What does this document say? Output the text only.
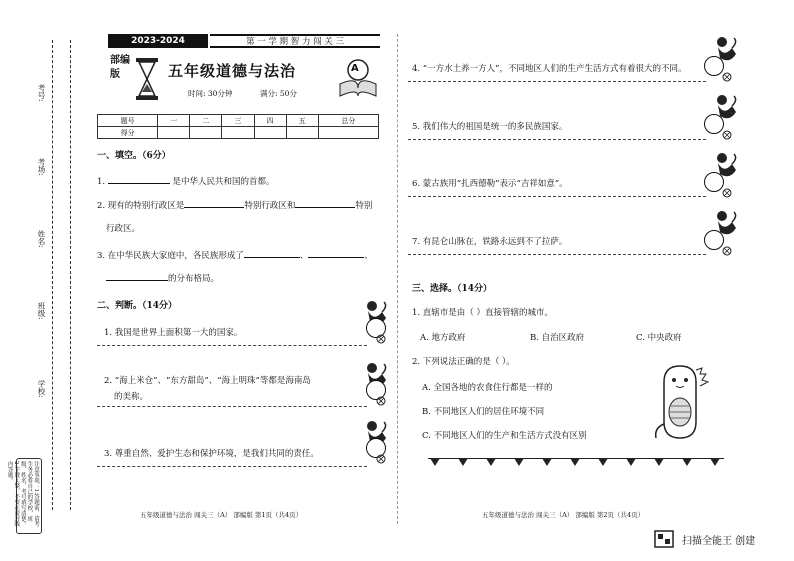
考号:
考场:
姓名:
班级:
学校:
注意事项：1.答题前，请考生务必将自己的学校、班级、姓名、考号填写清楚。2.字迹工整，不要在密封线内答题。
2023-2024	第 一 学 期 智 力 闯 关 三
部编版	五年级道德与法治	A
时间: 30分钟	满分: 50分
题号	一	二	三	四	五	总分
得分						
一、填空。（6分）
1.	是中华人民共和国的首都。
2. 现有的特别行政区是	特别行政区和	特别
行政区。
3. 在中华民族大家庭中，各民族形成了	、	、
的分布格局。
二、判断。（14分）
1. 我国是世界上面积第一大的国家。
2. “海上米仓”、“东方甜岛”、“海上明珠”等都是海南岛
的美称。
3. 尊重自然、爱护生态和保护环境，是我们共同的责任。
五年级道德与法治 闯关三（A） 部编版 第1页（共4页）
4. “一方水土养一方人”，不同地区人们的生产生活方式有着很大的不同。
5. 我们伟大的祖国是统一的多民族国家。
6. 蒙古族用“扎西德勒”表示“吉祥如意”。
7. 有昆仑山脉在，铁路永远到不了拉萨。
三、选择。（14分）
1. 直辖市是由（ ）直接管辖的城市。
A. 地方政府	B. 自治区政府	C. 中央政府
2. 下列说法正确的是（ ）。
A. 全国各地的农食住行都是一样的
B. 不同地区人们的居住环境不同
C. 不同地区人们的生产和生活方式没有区别
五年级道德与法治 闯关三（A） 部编版 第2页（共4页）
扫描全能王 创建
